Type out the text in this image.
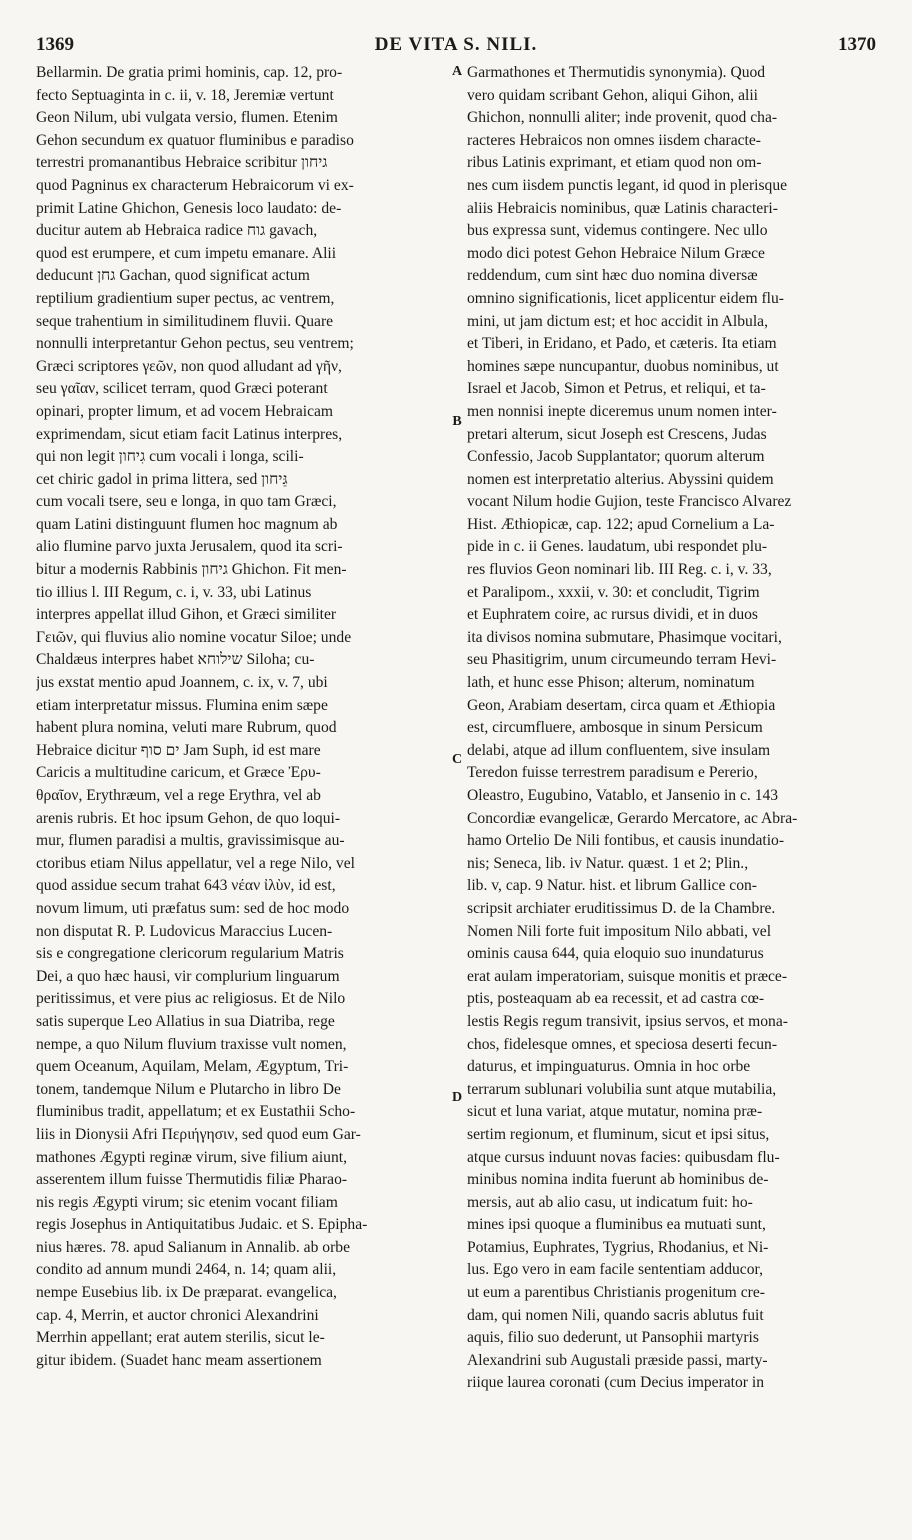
1369	DE VITA S. NILI.	1370
Bellarmin. De gratia primi hominis, cap. 12, pro-
fecto Septuaginta in c. ii, v. 18, Jeremiæ vertunt
Geon Nilum, ubi vulgata versio, flumen. Etenim
Gehon secundum ex quatuor fluminibus e paradiso
terrestri promanantibus Hebraice scribitur גיחון
quod Pagninus ex characterum Hebraicorum vi ex-
primit Latine Ghichon, Genesis loco laudato: de-
ducitur autem ab Hebraica radice גוח gavach,
quod est erumpere, et cum impetu emanare. Alii
deducunt גחן Gachan, quod significat actum
reptilium gradientium super pectus, ac ventrem,
seque trahentium in similitudinem fluvii. Quare
nonnulli interpretantur Gehon pectus, seu ventrem;
Græci scriptores γεῶν, non quod alludant ad γῆν,
seu γαῖαν, scilicet terram, quod Græci poterant
opinari, propter limum, et ad vocem Hebraicam
exprimendam, sicut etiam facit Latinus interpres,
qui non legit גִיחון cum vocali i longa, scili-
cet chiric gadol in prima littera, sed גֵּיחון
cum vocali tsere, seu e longa, in quo tam Græci,
quam Latini distinguunt flumen hoc magnum ab
alio flumine parvo juxta Jerusalem, quod ita scri-
bitur a modernis Rabbinis גיחון Ghichon. Fit men-
tio illius l. III Regum, c. i, v. 33, ubi Latinus
interpres appellat illud Gihon, et Græci similiter
Γειῶν, qui fluvius alio nomine vocatur Siloe; unde
Chaldæus interpres habet שילוחא Siloha; cu-
jus exstat mentio apud Joannem, c. ix, v. 7, ubi
etiam interpretatur missus. Flumina enim sæpe
habent plura nomina, veluti mare Rubrum, quod
Hebraice dicitur ים סוף Jam Suph, id est mare
Caricis a multitudine caricum, et Græce Ἐρυ-
θραῖον, Erythræum, vel a rege Erythra, vel ab
arenis rubris. Et hoc ipsum Gehon, de quo loqui-
mur, flumen paradisi a multis, gravissimisque au-
ctoribus etiam Nilus appellatur, vel a rege Nilo, vel
quod assidue secum trahat 643 νέαν ἰλὺν, id est,
novum limum, uti præfatus sum: sed de hoc modo
non disputat R. P. Ludovicus Maraccius Lucen-
sis e congregatione clericorum regularium Matris
Dei, a quo hæc hausi, vir complurium linguarum
peritissimus, et vere pius ac religiosus. Et de Nilo
satis superque Leo Allatius in sua Diatriba, rege
nempe, a quo Nilum fluvium traxisse vult nomen,
quem Oceanum, Aquilam, Melam, Ægyptum, Tri-
tonem, tandemque Nilum e Plutarcho in libro De
fluminibus tradit, appellatum; et ex Eustathii Scho-
liis in Dionysii Afri Περιήγησιν, sed quod eum Gar-
mathones Ægypti reginæ virum, sive filium aiunt,
asserentem illum fuisse Thermutidis filiæ Pharao-
nis regis Ægypti virum; sic etenim vocant filiam
regis Josephus in Antiquitatibus Judaic. et S. Epipha-
nius hæres. 78. apud Salianum in Annalib. ab orbe
condito ad annum mundi 2464, n. 14; quam alii,
nempe Eusebius lib. ix De præparat. evangelica,
cap. 4, Merrin, et auctor chronici Alexandrini
Merrhin appellant; erat autem sterilis, sicut le-
gitur ibidem. (Suadet hanc meam assertionem
Garmathones et Thermutidis synonymia). Quod
vero quidam scribant Gehon, aliqui Gihon, alii
Ghichon, nonnulli aliter; inde provenit, quod cha-
racteres Hebraicos non omnes iisdem characte-
ribus Latinis exprimant, et etiam quod non om-
nes cum iisdem punctis legant, id quod in plerisque
aliis Hebraicis nominibus, quæ Latinis characteri-
bus expressa sunt, videmus contingere. Nec ullo
modo dici potest Gehon Hebraice Nilum Græce
reddendum, cum sint hæc duo nomina diversæ
omnino significationis, licet applicentur eidem flu-
mini, ut jam dictum est; et hoc accidit in Albula,
et Tiberi, in Eridano, et Pado, et cæteris. Ita etiam
homines sæpe nuncupantur, duobus nominibus, ut
Israel et Jacob, Simon et Petrus, et reliqui, et ta-
men nonnisi inepte diceremus unum nomen inter-
pretari alterum, sicut Joseph est Crescens, Judas
Confessio, Jacob Supplantator; quorum alterum
nomen est interpretatio alterius. Abyssini quidem
vocant Nilum hodie Gujion, teste Francisco Alvarez
Hist. Æthiopicæ, cap. 122; apud Cornelium a La-
pide in c. ii Genes. laudatum, ubi respondet plu-
res fluvios Geon nominari lib. III Reg. c. i, v. 33,
et Paralipom., xxxii, v. 30: et concludit, Tigrim
et Euphratem coire, ac rursus dividi, et in duos
ita divisos nomina submutare, Phasimque vocitari,
seu Phasitigrim, unum circumeundo terram Hevi-
lath, et hunc esse Phison; alterum, nominatum
Geon, Arabiam desertam, circa quam et Æthiopia
est, circumfluere, ambosque in sinum Persicum
delabi, atque ad illum confluentem, sive insulam
Teredon fuisse terrestrem paradisum e Pererio,
Oleastro, Eugubino, Vatablo, et Jansenio in c. 143
Concordiæ evangelicæ, Gerardo Mercatore, ac Abra-
hamo Ortelio De Nili fontibus, et causis inundatio-
nis; Seneca, lib. iv Natur. quæst. 1 et 2; Plin.,
lib. v, cap. 9 Natur. hist. et librum Gallice con-
scripsit archiater eruditissimus D. de la Chambre.
Nomen Nili forte fuit impositum Nilo abbati, vel
ominis causa 644, quia eloquio suo inundaturus
erat aulam imperatoriam, suisque monitis et præce-
ptis, posteaquam ab ea recessit, et ad castra cœ-
lestis Regis regum transivit, ipsius servos, et mona-
chos, fidelesque omnes, et speciosa deserti fecun-
daturus, et impinguaturus. Omnia in hoc orbe
terrarum sublunari volubilia sunt atque mutabilia,
sicut et luna variat, atque mutatur, nomina præ-
sertim regionum, et fluminum, sicut et ipsi situs,
atque cursus induunt novas facies: quibusdam flu-
minibus nomina indita fuerunt ab hominibus de-
mersis, aut ab alio casu, ut indicatum fuit: ho-
mines ipsi quoque a fluminibus ea mutuati sunt,
Potamius, Euphrates, Tygrius, Rhodanius, et Ni-
lus. Ego vero in eam facile sententiam adducor,
ut eum a parentibus Christianis progenitum cre-
dam, qui nomen Nili, quando sacris ablutus fuit
aquis, filio suo dederunt, ut Pansophii martyris
Alexandrini sub Augustali præside passi, marty-
riique laurea coronati (cum Decius imperator in
A
B
C
D
